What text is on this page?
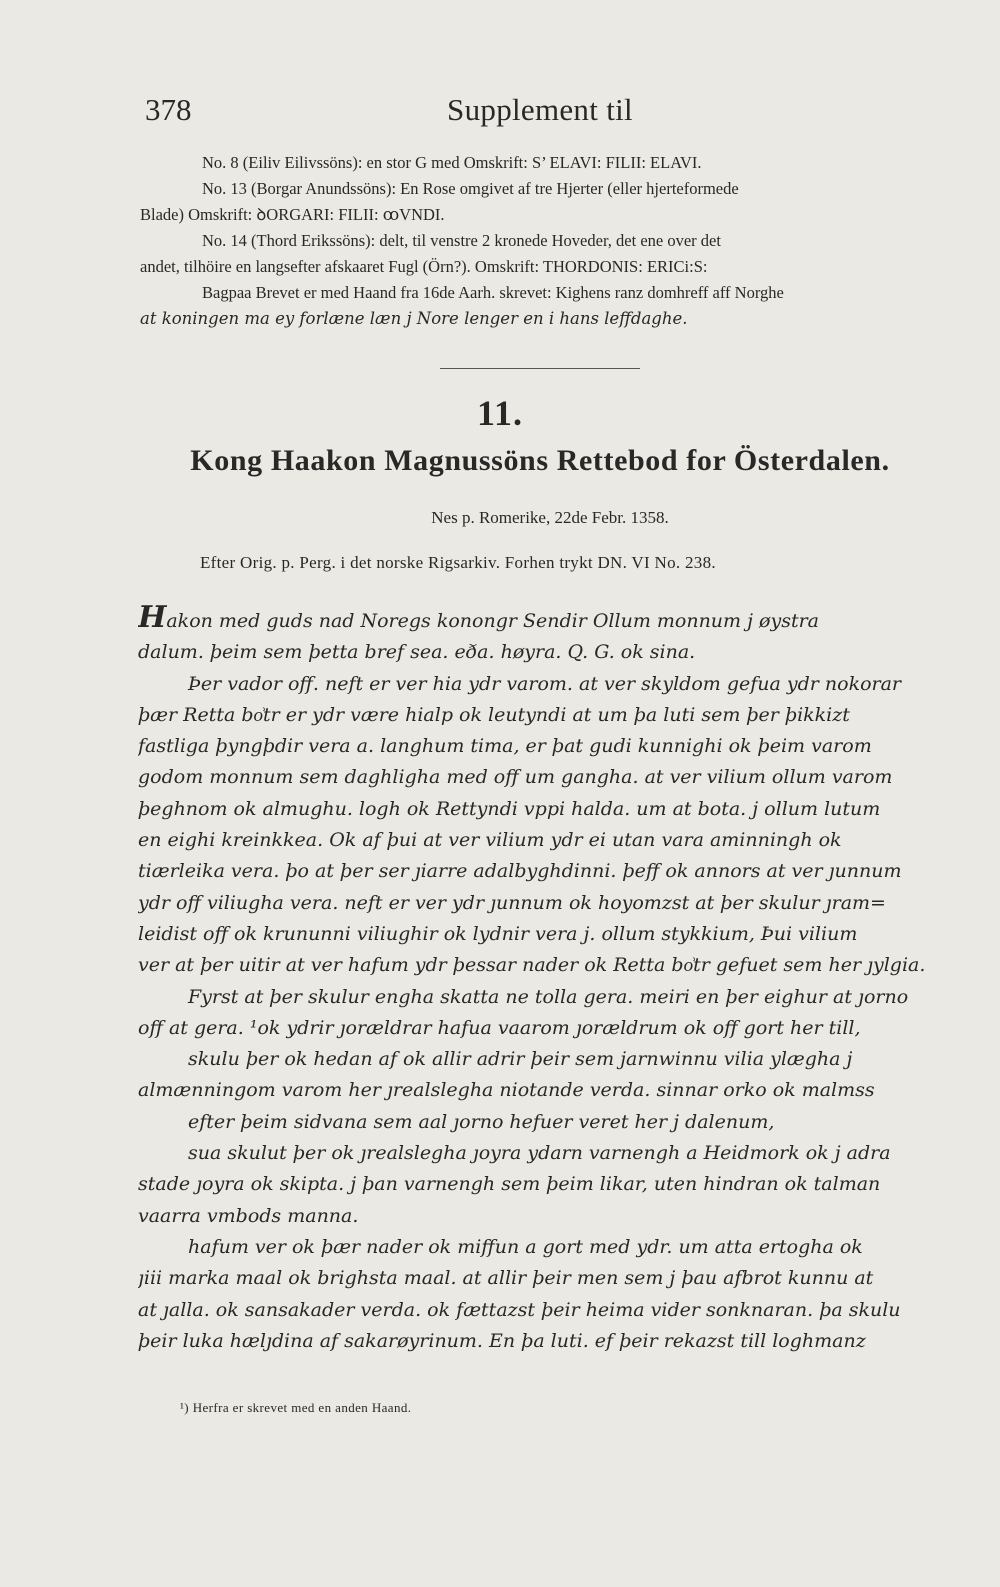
378	Supplement til
No. 8 (Eiliv Eilivssöns): en stor G med Omskrift: S’ ELAVI: FILII: ELAVI.
No. 13 (Borgar Anundssöns): En Rose omgivet af tre Hjerter (eller hjerteformede
Blade) Omskrift: ꝺORGARI: FILII: ꝏVNDI.
No. 14 (Thord Erikssöns): delt, til venstre 2 kronede Hoveder, det ene over det
andet, tilhöire en langsefter afskaaret Fugl (Örn?). Omskrift: THORDONIS: ERICi:S:
Bagpaa Brevet er med Haand fra 16de Aarh. skrevet: Kighens ranz domhreff aff Norghe
at koningen ma ey forlæne læn j Nore lenger en i hans leffdaghe.
11.
Kong Haakon Magnussöns Rettebod for Österdalen.
Nes p. Romerike, 22de Febr. 1358.
Efter Orig. p. Perg. i det norske Rigsarkiv. Forhen trykt DN. VI No. 238.
Hakon med guds nad Noregs konongr Sendir Ollum monnum j øystra
dalum. þeim sem þetta bref sea. eða. høyra. Q. G. ok sina.
Þer vador off. neft er ver hia ydr varom. at ver skyldom gefua ydr nokorar
þær Retta bo͗tr er ydr være hialp ok leutyndi at um þa luti sem þer þikkizt
fastliga þyngþdir vera a. langhum tima, er þat gudi kunnighi ok þeim varom
godom monnum sem daghligha med off um gangha. at ver vilium ollum varom
þeghnom ok almughu. logh ok Rettyndi vppi halda. um at bota. j ollum lutum
en eighi kreinkkea. Ok af þui at ver vilium ydr ei utan vara aminningh ok
tiærleika vera. þo at þer ser ȷiarre adalbyghdinni. þeff ok annors at ver ȷunnum
ydr off viliugha vera. neft er ver ydr ȷunnum ok hoyomzst at þer skulur ȷram=
leidist off ok krununni viliughir ok lydnir vera j. ollum stykkium, Þui vilium
ver at þer uitir at ver hafum ydr þessar nader ok Retta bo͗tr gefuet sem her ȷylgia.
Fyrst at þer skulur engha skatta ne tolla gera. meiri en þer eighur at ȷorno
off at gera. ¹ok ydrir ȷorældrar hafua vaarom ȷorældrum ok off gort her till,
skulu þer ok hedan af ok allir adrir þeir sem jarnwinnu vilia ylægha j
almænningom varom her ȷrealslegha niotande verda. sinnar orko ok malmss
efter þeim sidvana sem aal ȷorno hefuer veret her j dalenum,
sua skulut þer ok ȷrealslegha ȷoyra ydarn varnengh a Heidmork ok j adra
stade ȷoyra ok skipta. j þan varnengh sem þeim likar, uten hindran ok talman
vaarra vmbods manna.
hafum ver ok þær nader ok miffun a gort med ydr. um atta ertogha ok
ȷiii marka maal ok brighsta maal. at allir þeir men sem j þau afbrot kunnu at
at ȷalla. ok sansakader verda. ok fættazst þeir heima vider sonknaran. þa skulu
þeir luka hælȷdina af sakarøyrinum. En þa luti. ef þeir rekazst till loghmanz
¹) Herfra er skrevet med en anden Haand.
